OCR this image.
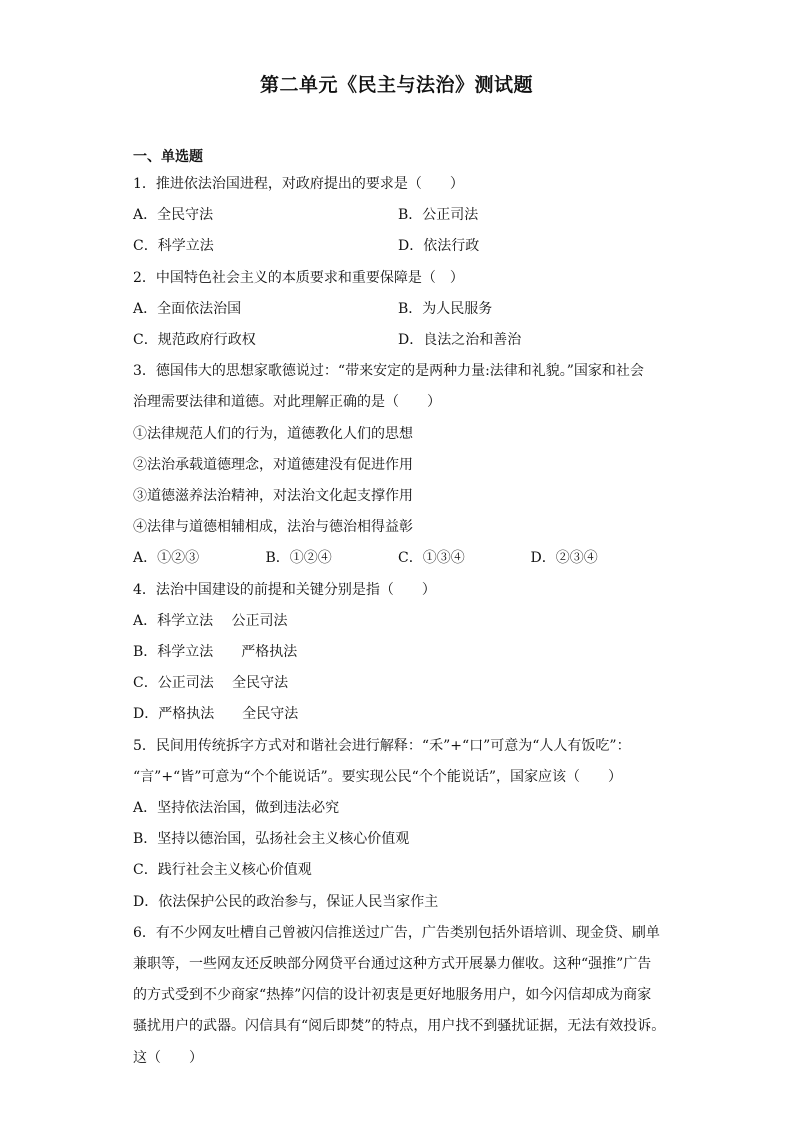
第二单元《民主与法治》测试题
一、单选题
1．推进依法治国进程，对政府提出的要求是（　　）
A．全民守法	B．公正司法
C．科学立法	D．依法行政
2．中国特色社会主义的本质要求和重要保障是（　）
A．全面依法治国	B．为人民服务
C．规范政府行政权	D．良法之治和善治
3．德国伟大的思想家歌德说过：“带来安定的是两种力量:法律和礼貌。”国家和社会
治理需要法律和道德。对此理解正确的是（　　）
①法律规范人们的行为，道德教化人们的思想
②法治承载道德理念，对道德建没有促进作用
③道德滋养法治精神，对法治文化起支撑作用
④法律与道德相辅相成，法治与德治相得益彰
A．①②③	B．①②④	C．①③④	D．②③④
4．法治中国建设的前提和关键分别是指（　　）
A．科学立法　 公正司法
B．科学立法　　严格执法
C．公正司法　 全民守法
D．严格执法　　全民守法
5．民间用传统拆字方式对和谐社会进行解释：“禾”+“口”可意为“人人有饭吃”：
“言”+“皆”可意为“个个能说话”。要实现公民“个个能说话”，国家应该（　　）
A．坚持依法治国，做到违法必究
B．坚持以德治国，弘扬社会主义核心价值观
C．践行社会主义核心价值观
D．依法保护公民的政治参与，保证人民当家作主
6．有不少网友吐槽自己曾被闪信推送过广告，广告类别包括外语培训、现金贷、刷单
兼职等，一些网友还反映部分网贷平台通过这种方式开展暴力催收。这种“强推”广告
的方式受到不少商家“热捧”闪信的设计初衷是更好地服务用户，如今闪信却成为商家
骚扰用户的武器。闪信具有“阅后即焚”的特点，用户找不到骚扰证据，无法有效投诉。
这（　　）
